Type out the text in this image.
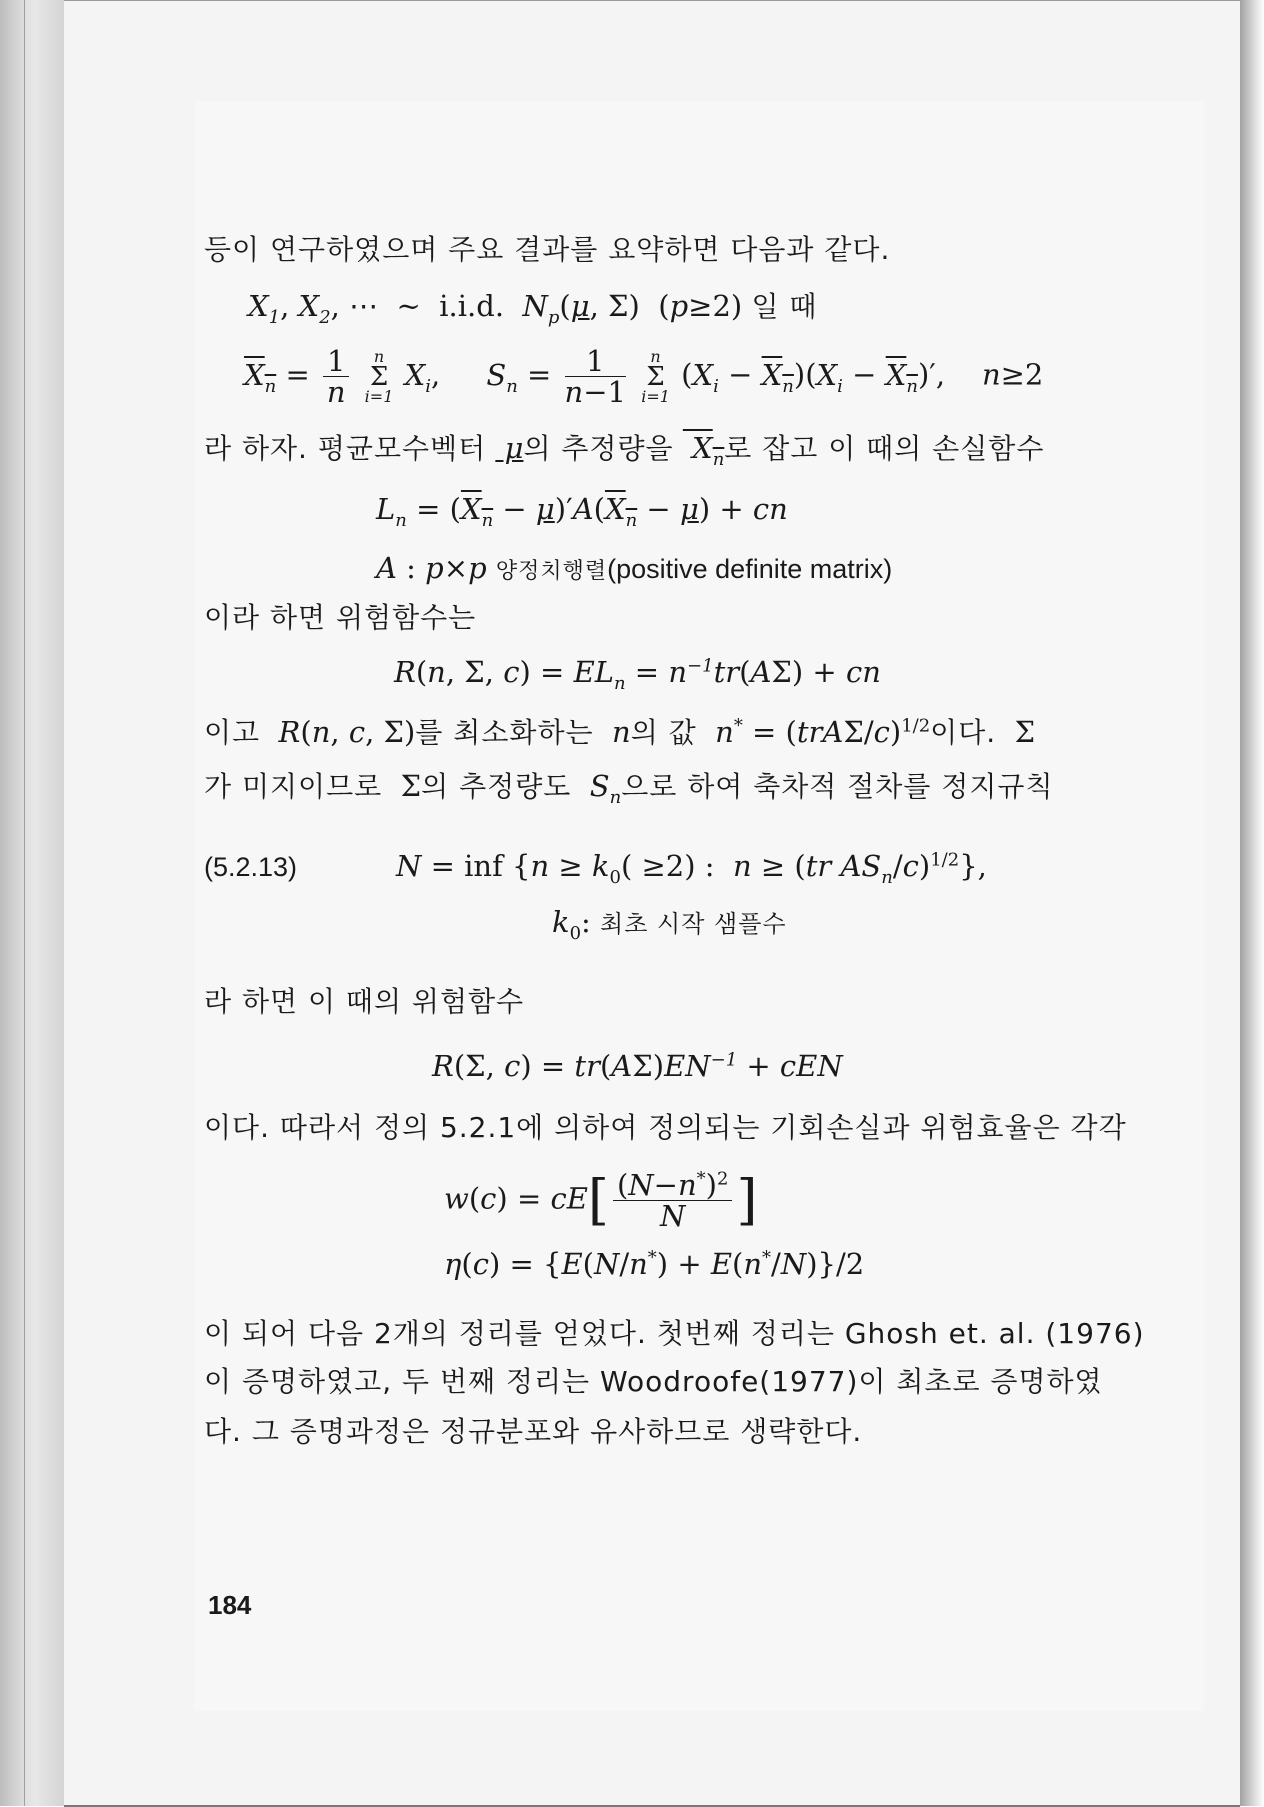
등이 연구하였으며 주요 결과를 요약하면 다음과 같다.
$X_1$, $X_2$, ⋯  ~  i.i.d.  $N_p(\mu$, Σ)  (p≥2) 일 때
$X_n = \frac{1}{n}$
	n
Σ
i=1
$X_i$,     $S_n = \frac{1}{n-1}$
	n
Σ
i=1
$(X_i - X_n)(X_i - X_n)'$,    n≥2
라 하자. 평균모수벡터  μ의 추정량을  $X_n$로 잡고 이 때의 손실함수
$L_n = (X_n - \mu)'A(X_n - \mu)$ + cn
A : p×p 양정치행렬(positive definite matrix)
이라 하면 위험함수는
R(n, Σ, $c) = EL_n = n^{-1}tr(A\Sigma)$ + cn
이고  R(n, c, Σ)를 최소화하는  n의 값  $n^* = (trA\Sigma/c)^{1/2}$이다.  Σ
가 미지이므로  Σ의 추정량도  $S_n$으로 하여 축차적 절차를 정지규칙
(5.2.13)	N = inf {$n \ge k_0( \ge 2)$ :  n ≥ (tr $AS_n/c)^{1/2}$},
$k_0$: 최초 시작 샘플수
라 하면 이 때의 위험함수
R(Σ, $c) = tr(A\Sigma)EN^{-1}$ + cEN
이다. 따라서 정의 5.2.1에 의하여 정의되는 기회손실과 위험효율은 각각
$w(c) = cE[ \frac{(N-n^*)^2}{N}$ ]
η(c) = {E(N/n*) + E(n*/N)}/2
이 되어 다음 2개의 정리를 얻었다. 첫번째 정리는 Ghosh et. al. (1976)
이 증명하였고, 두 번째 정리는 Woodroofe(1977)이 최초로 증명하였
다. 그 증명과정은 정규분포와 유사하므로 생략한다.
184
